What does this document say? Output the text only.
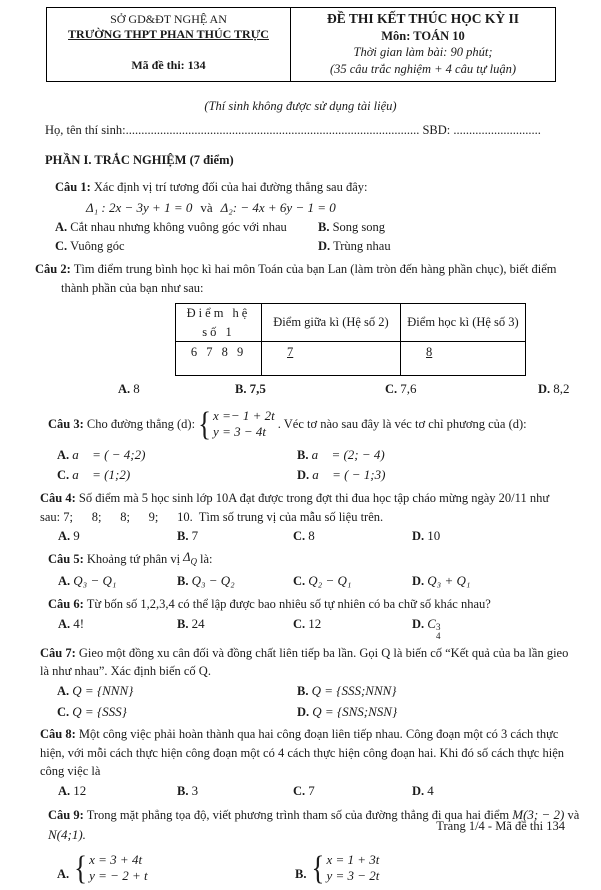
SỞ GD&ĐT NGHỆ AN
TRƯỜNG THPT PHAN THÚC TRỰC
Mã đề thi: 134
ĐỀ THI KẾT THÚC HỌC KỲ II
Môn: TOÁN 10
Thời gian làm bài: 90 phút;
(35 câu trắc nghiệm + 4 câu tự luận)
(Thí sinh không được sử dụng tài liệu)
Họ, tên thí sinh:.............................................................................................. SBD: ............................
PHẦN I. TRẮC NGHIỆM (7 điểm)
Câu 1: Xác định vị trí tương đối của hai đường thẳng sau đây:
Δ₁ : 2x − 3y + 1 = 0 và Δ₂: − 4x + 6y − 1 = 0
A. Cắt nhau nhưng không vuông góc với nhau	B. Song song
C. Vuông góc	D. Trùng nhau
Câu 2: Tìm điểm trung bình học kì hai môn Toán của bạn Lan (làm tròn đến hàng phần chục), biết điểm
thành phần của bạn như sau:
Điểm hệ số 1	Điểm giữa kì (Hệ số 2)	Điểm học kì (Hệ số 3)
6 7 8 9	7	8
A. 8	B. 7,5	C. 7,6	D. 8,2
Câu 3:
Cho đường thẳng (d): { x =− 1 + 2t
y = 3 − 4t
. Véc tơ nào sau đây là véc tơ chỉ phương của (d):
A. a⃗ = ( − 4;2)	B. a⃗ = (2; − 4)
C. a⃗ = (1;2)	D. a⃗ = ( − 1;3)
Câu 4: Số điểm mà 5 học sinh lớp 10A đạt được trong đợt thi đua học tập cháo mừng ngày 20/11 như
sau: 7;      8;      8;      9;      10.  Tìm số trung vị của mẫu số liệu trên.
A. 9	B. 7	C. 8	D. 10
Câu 5: Khoảng tứ phân vị $\Delta_Q$ là:
A. Q₃ − Q₁	B. Q₃ − Q₂	C. Q₂ − Q₁	D. Q₃ + Q₁
Câu 6: Từ bốn số 1,2,3,4 có thể lập được bao nhiêu số tự nhiên có ba chữ số khác nhau?
A. 4!	B. 24	C. 12	D. C 3
4
Câu 7: Gieo một đồng xu cân đối và đồng chất liên tiếp ba lần. Gọi Q là biến cố “Kết quả của ba lần gieo
là như nhau”. Xác định biến cố Q.
A. Q = {NNN}	B. Q = {SSS;NNN}
C. Q = {SSS}	D. Q = {SNS;NSN}
Câu 8: Một công việc phải hoàn thành qua hai công đoạn liên tiếp nhau. Công đoạn một có 3 cách thực
hiện, với mỗi cách thực hiện công đoạn một có 4 cách thực hiện công đoạn hai. Khi đó số cách thực hiện
công việc là
A. 12	B. 3	C. 7	D. 4
Câu 9: Trong mặt phẳng tọa độ, viết phương trình tham số của đường thẳng đi qua hai điểm M(3; − 2) và
N(4;1).
A. { x = 3 + 4t
y = − 2 + t	B. { x = 1 + 3t
y = 3 − 2t
Trang 1/4 - Mã đề thi 134
